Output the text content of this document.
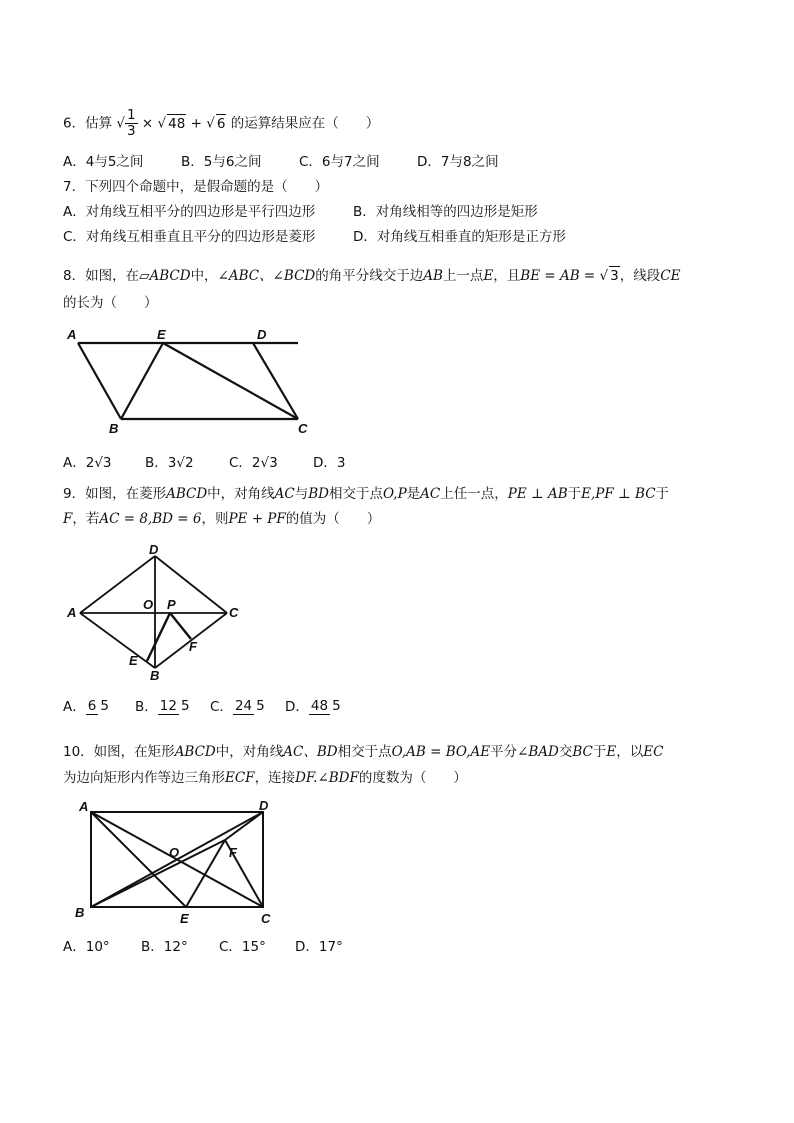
6．估算 √ $\frac{1}{3}$ × √ 48 + √ 6 的运算结果应在（　　）
A．4与5之间	B．5与6之间	C．6与7之间	D．7与8之间
7．下列四个命题中，是假命题的是（　　）
A．对角线互相平分的四边形是平行四边形	B．对角线相等的四边形是矩形
C．对角线互相垂直且平分的四边形是菱形	D．对角线互相垂直的矩形是正方形
8．如图，在▱ABCD中，∠ABC、∠BCD的角平分线交于边AB上一点E，且BE = AB = √ 3，线段CE
的长为（　　）
A	E	D
B	C
A．2√3 B．3√2	C．2√3	D．3
9．如图，在菱形ABCD中，对角线AC与BD相交于点O,P是AC上任一点，PE ⊥ AB于E,PF ⊥ BC于
F，若AC = 8,BD = 6，则PE + PF的值为（　　）
D
A
O P
C
E
F
B
A． 6 5 B． 12 5 C． 24 5 D． 48 5
10．如图，在矩形ABCD中，对角线AC、BD相交于点O,AB = BO,AE平分∠BAD交BC于E，以EC
为边向矩形内作等边三角形ECF，连接DF.∠BDF的度数为（　　）
A	D
O	F
B	E	C
A．10° B．12° C．15° D．17°
